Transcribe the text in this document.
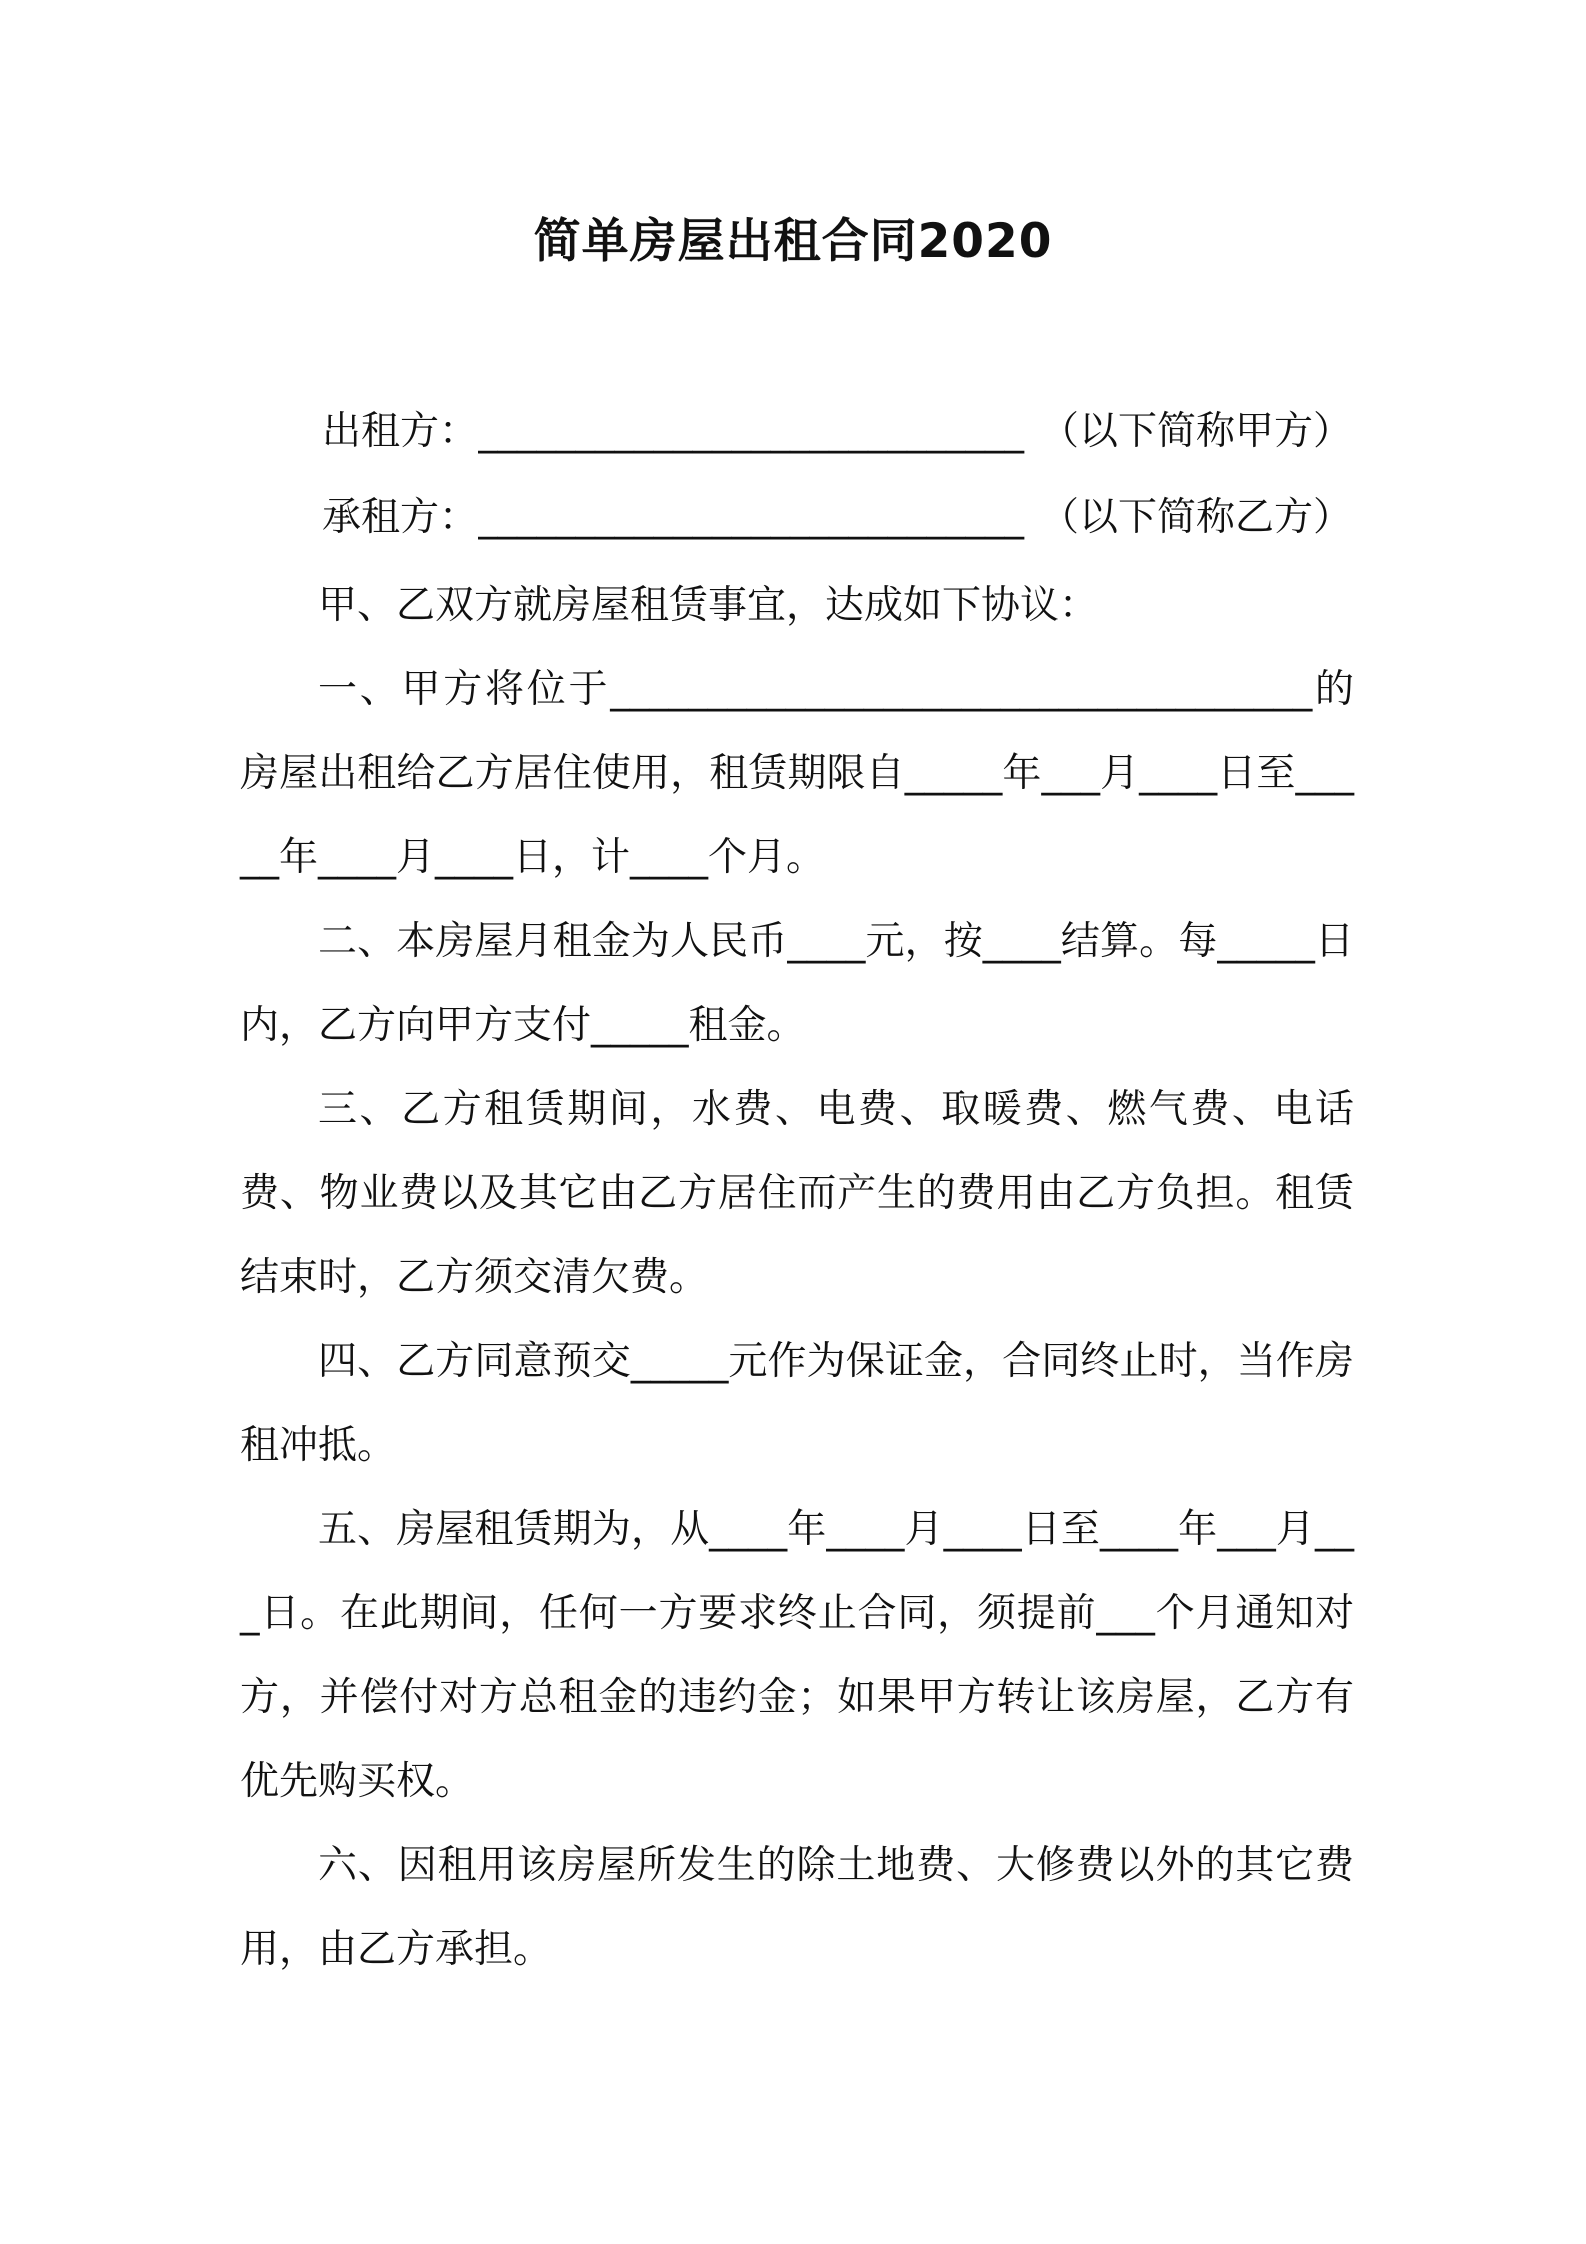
简单房屋出租合同2020
出租方： ____________________________ （以下简称甲方）
承租方： ____________________________ （以下简称乙方）

甲、乙双方就房屋租赁事宜，达成如下协议：

一、甲方将位于____________________________________的房屋出租给乙方居住使用，租赁期限自_____年___月____日至_____年____月____日，计____个月。

二、本房屋月租金为人民币____元，按____结算。每_____日内，乙方向甲方支付_____租金。

三、乙方租赁期间，水费、电费、取暖费、燃气费、电话费、物业费以及其它由乙方居住而产生的费用由乙方负担。租赁结束时，乙方须交清欠费。

四、乙方同意预交_____元作为保证金，合同终止时，当作房租冲抵。

五、房屋租赁期为，从____年____月____日至____年___月___日。在此期间，任何一方要求终止合同，须提前___个月通知对方，并偿付对方总租金的违约金；如果甲方转让该房屋，乙方有优先购买权。

六、因租用该房屋所发生的除土地费、大修费以外的其它费用，由乙方承担。
